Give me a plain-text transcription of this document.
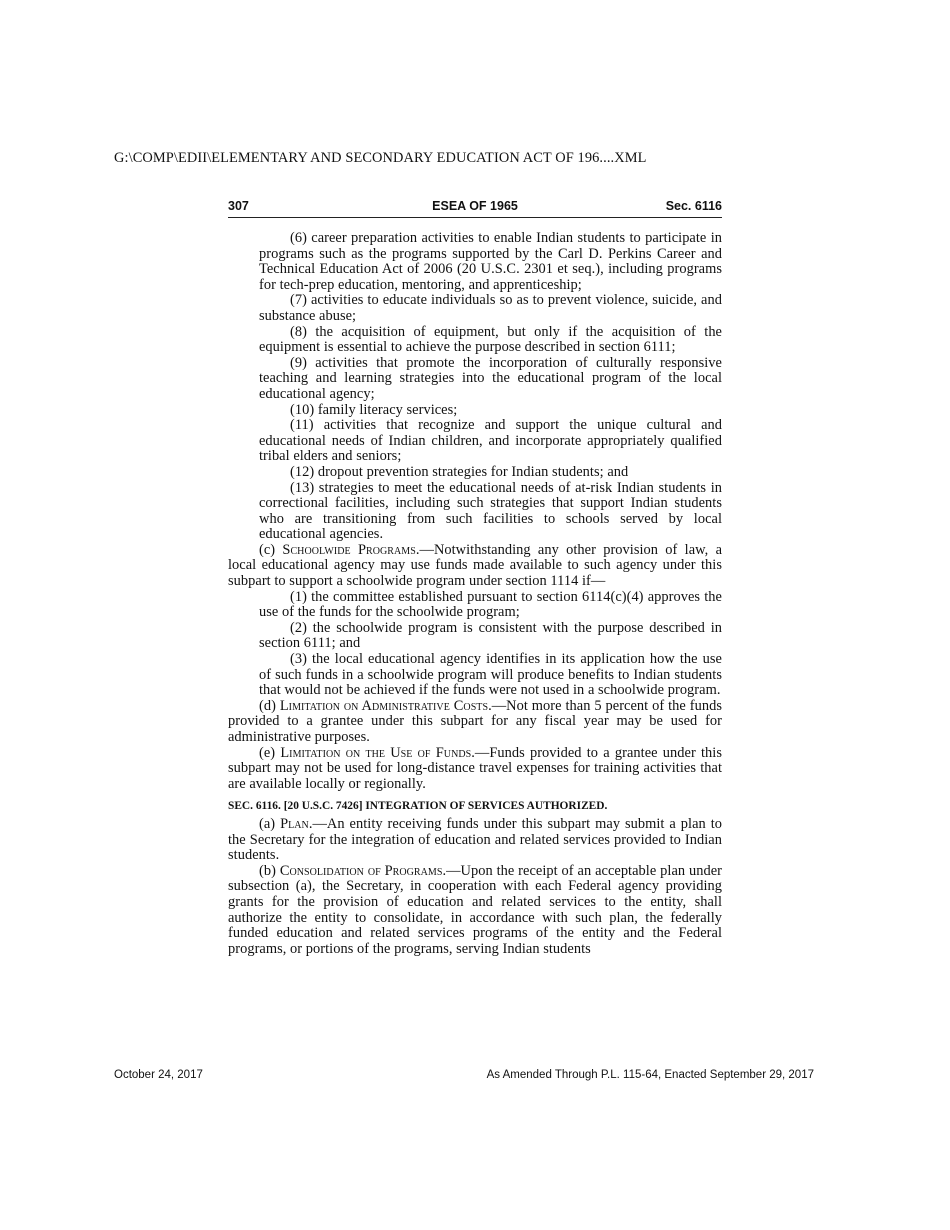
G:\COMP\EDII\ELEMENTARY AND SECONDARY EDUCATION ACT OF 196....XML
307	ESEA OF 1965	Sec. 6116

(6) career preparation activities to enable Indian students to participate in programs such as the programs supported by the Carl D. Perkins Career and Technical Education Act of 2006 (20 U.S.C. 2301 et seq.), including programs for tech-prep education, mentoring, and apprenticeship;

(7) activities to educate individuals so as to prevent violence, suicide, and substance abuse;

(8) the acquisition of equipment, but only if the acquisition of the equipment is essential to achieve the purpose described in section 6111;

(9) activities that promote the incorporation of culturally responsive teaching and learning strategies into the educational program of the local educational agency;

(10) family literacy services;

(11) activities that recognize and support the unique cultural and educational needs of Indian children, and incorporate appropriately qualified tribal elders and seniors;

(12) dropout prevention strategies for Indian students; and

(13) strategies to meet the educational needs of at-risk Indian students in correctional facilities, including such strategies that support Indian students who are transitioning from such facilities to schools served by local educational agencies.

(c) Schoolwide Programs.—Notwithstanding any other provision of law, a local educational agency may use funds made available to such agency under this subpart to support a schoolwide program under section 1114 if—

(1) the committee established pursuant to section 6114(c)(4) approves the use of the funds for the schoolwide program;

(2) the schoolwide program is consistent with the purpose described in section 6111; and

(3) the local educational agency identifies in its application how the use of such funds in a schoolwide program will produce benefits to Indian students that would not be achieved if the funds were not used in a schoolwide program.

(d) Limitation on Administrative Costs.—Not more than 5 percent of the funds provided to a grantee under this subpart for any fiscal year may be used for administrative purposes.

(e) Limitation on the Use of Funds.—Funds provided to a grantee under this subpart may not be used for long-distance travel expenses for training activities that are available locally or regionally.

SEC. 6116. [20 U.S.C. 7426] INTEGRATION OF SERVICES AUTHORIZED.

(a) Plan.—An entity receiving funds under this subpart may submit a plan to the Secretary for the integration of education and related services provided to Indian students.

(b) Consolidation of Programs.—Upon the receipt of an acceptable plan under subsection (a), the Secretary, in cooperation with each Federal agency providing grants for the provision of education and related services to the entity, shall authorize the entity to consolidate, in accordance with such plan, the federally funded education and related services programs of the entity and the Federal programs, or portions of the programs, serving Indian students

October 24, 2017	As Amended Through P.L. 115-64, Enacted September 29, 2017
